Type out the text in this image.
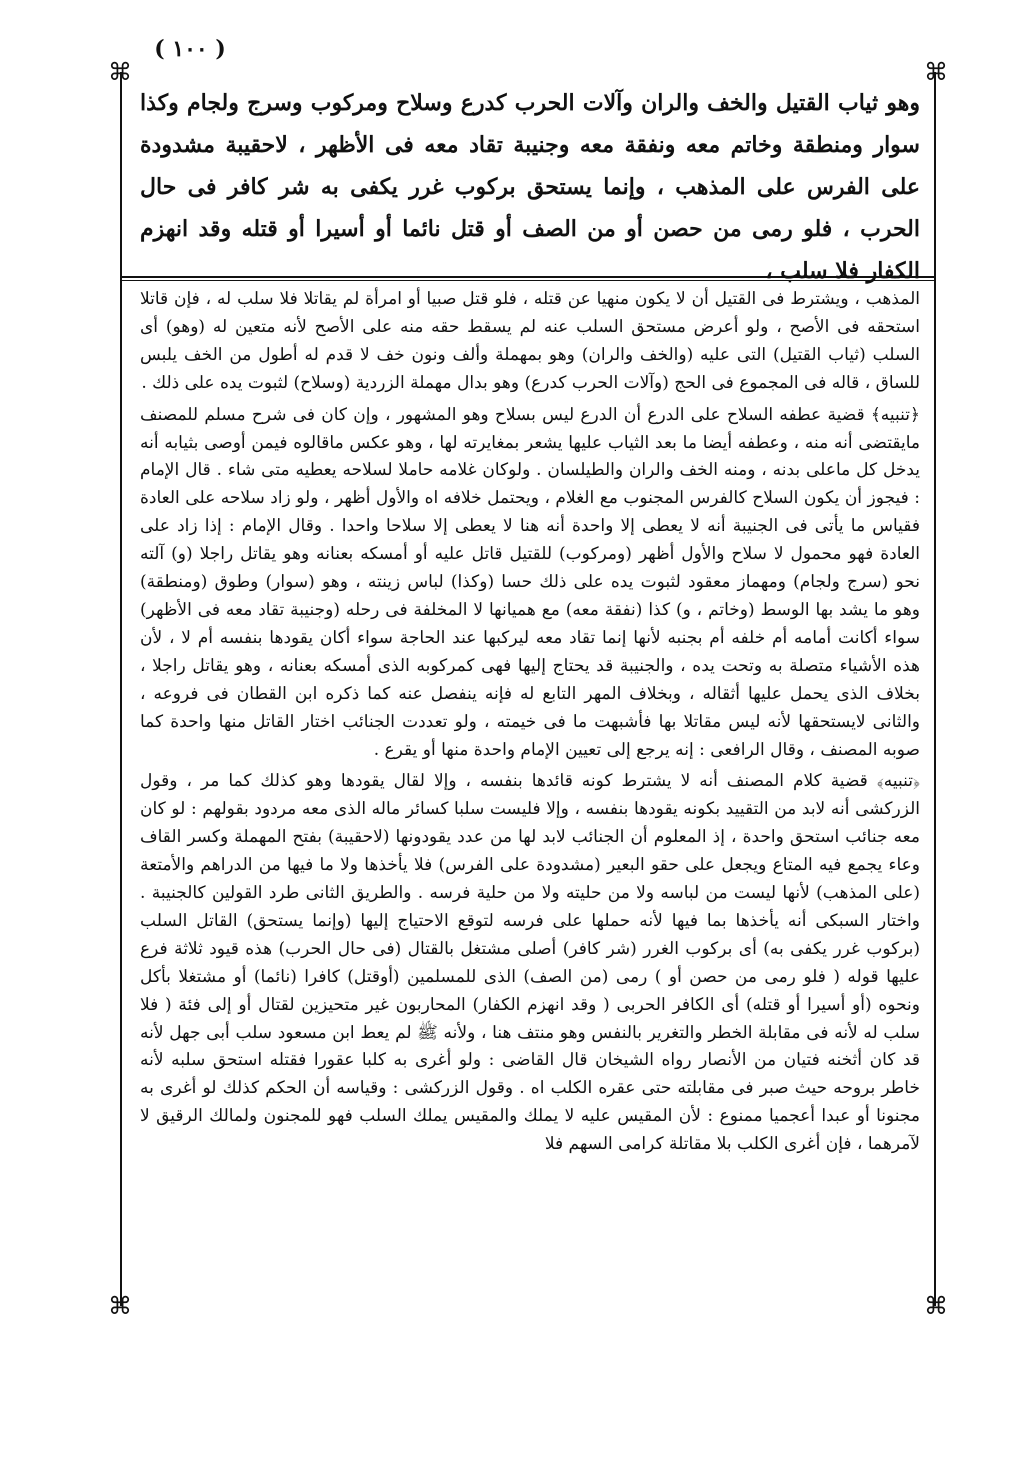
( ١٠٠ )
⌘	⌘
⌘	⌘

وهو ثياب القتيل والخف والران وآلات الحرب كدرع وسلاح ومركوب وسرج ولجام وكذا سوار ومنطقة وخاتم معه ونفقة معه وجنيبة تقاد معه فى الأظهر ، لاحقيبة مشدودة على الفرس على المذهب ، وإنما يستحق بركوب غرر يكفى به شر كافر فى حال الحرب ، فلو رمى من حصن أو من الصف أو قتل نائما أو أسيرا أو قتله وقد انهزم الكفار فلا سلب ،

المذهب ، ويشترط فى القتيل أن لا يكون منهيا عن قتله ، فلو قتل صبيا أو امرأة لم يقاتلا فلا سلب له ، فإن قاتلا استحقه فى الأصح ، ولو أعرض مستحق السلب عنه لم يسقط حقه منه على الأصح لأنه متعين له (وهو) أى السلب (ثياب القتيل) التى عليه (والخف والران) وهو بمهملة وألف ونون خف لا قدم له أطول من الخف يلبس للساق ، قاله فى المجموع فى الحج (وآلات الحرب كدرع) وهو بدال مهملة الزردية (وسلاح) لثبوت يده على ذلك .

﴿تنبيه﴾ قضية عطفه السلاح على الدرع أن الدرع ليس بسلاح وهو المشهور ، وإن كان فى شرح مسلم للمصنف مايقتضى أنه منه ، وعطفه أيضا ما بعد الثياب عليها يشعر بمغايرته لها ، وهو عكس ماقالوه فيمن أوصى بثيابه أنه يدخل كل ماعلى بدنه ، ومنه الخف والران والطيلسان . ولوكان غلامه حاملا لسلاحه يعطيه متى شاء . قال الإمام : فيجوز أن يكون السلاح كالفرس المجنوب مع الغلام ، ويحتمل خلافه اه والأول أظهر ، ولو زاد سلاحه على العادة فقياس ما يأتى فى الجنيبة أنه لا يعطى إلا واحدة أنه هنا لا يعطى إلا سلاحا واحدا . وقال الإمام : إذا زاد على العادة فهو محمول لا سلاح والأول أظهر (ومركوب) للقتيل قاتل عليه أو أمسكه بعنانه وهو يقاتل راجلا (و) آلته نحو (سرج ولجام) ومهماز معقود لثبوت يده على ذلك حسا (وكذا) لباس زينته ، وهو (سوار) وطوق (ومنطقة) وهو ما يشد بها الوسط (وخاتم ، و) كذا (نفقة معه) مع هميانها لا المخلفة فى رحله (وجنيبة تقاد معه فى الأظهر) سواء أكانت أمامه أم خلفه أم بجنبه لأنها إنما تقاد معه ليركبها عند الحاجة سواء أكان يقودها بنفسه أم لا ، لأن هذه الأشياء متصلة به وتحت يده ، والجنيبة قد يحتاج إليها فهى كمركوبه الذى أمسكه بعنانه ، وهو يقاتل راجلا ، بخلاف الذى يحمل عليها أثقاله ، وبخلاف المهر التابع له فإنه ينفصل عنه كما ذكره ابن القطان فى فروعه ، والثانى لايستحقها لأنه ليس مقاتلا بها فأشبهت ما فى خيمته ، ولو تعددت الجنائب اختار القاتل منها واحدة كما صوبه المصنف ، وقال الرافعى : إنه يرجع إلى تعيين الإمام واحدة منها أو يقرع .

﴿تنبيه﴾ قضية كلام المصنف أنه لا يشترط كونه قائدها بنفسه ، وإلا لقال يقودها وهو كذلك كما مر ، وقول الزركشى أنه لابد من التقييد بكونه يقودها بنفسه ، وإلا فليست سلبا كسائر ماله الذى معه مردود بقولهم : لو كان معه جنائب استحق واحدة ، إذ المعلوم أن الجنائب لابد لها من عدد يقودونها (لاحقيبة) بفتح المهملة وكسر القاف وعاء يجمع فيه المتاع ويجعل على حقو البعير (مشدودة على الفرس) فلا يأخذها ولا ما فيها من الدراهم والأمتعة (على المذهب) لأنها ليست من لباسه ولا من حليته ولا من حلية فرسه . والطريق الثانى طرد القولين كالجنيبة . واختار السبكى أنه يأخذها بما فيها لأنه حملها على فرسه لتوقع الاحتياج إليها (وإنما يستحق) القاتل السلب (بركوب غرر يكفى به) أى بركوب الغرر (شر كافر) أصلى مشتغل بالقتال (فى حال الحرب) هذه قيود ثلاثة فرع عليها قوله ( فلو رمى من حصن أو ) رمى (من الصف) الذى للمسلمين (أوقتل) كافرا (نائما) أو مشتغلا بأكل ونحوه (أو أسيرا أو قتله) أى الكافر الحربى ( وقد انهزم الكفار) المحاربون غير متحيزين لقتال أو إلى فئة ( فلا سلب له لأنه فى مقابلة الخطر والتغرير بالنفس وهو منتف هنا ، ولأنه ﷺ لم يعط ابن مسعود سلب أبى جهل لأنه قد كان أثخنه فتيان من الأنصار رواه الشيخان قال القاضى : ولو أغرى به كلبا عقورا فقتله استحق سلبه لأنه خاطر بروحه حيث صبر فى مقابلته حتى عقره الكلب اه . وقول الزركشى : وقياسه أن الحكم كذلك لو أغرى به مجنونا أو عبدا أعجميا ممنوع : لأن المقيس عليه لا يملك والمقيس يملك السلب فهو للمجنون ولمالك الرقيق لا لآمرهما ، فإن أغرى الكلب بلا مقاتلة كرامى السهم فلا
